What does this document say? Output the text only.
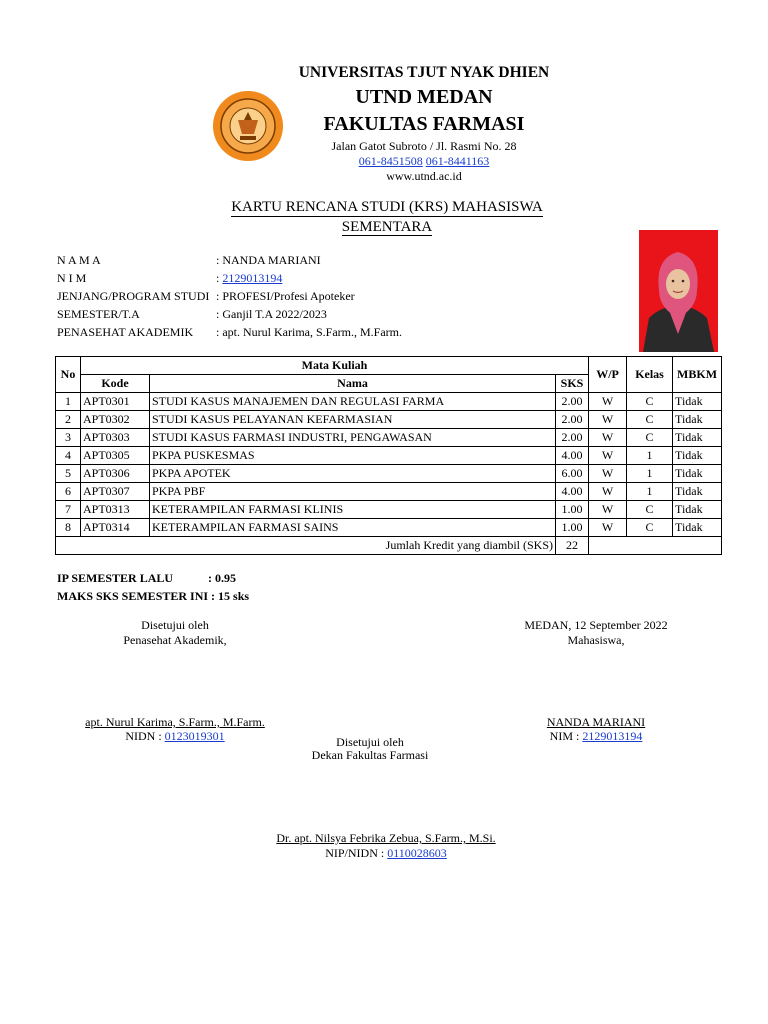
UNIVERSITAS TJUT NYAK DHIEN
UTND MEDAN
FAKULTAS FARMASI
Jalan Gatot Subroto / Jl. Rasmi No. 28
061-8451508 061-8441163
www.utnd.ac.id
KARTU RENCANA STUDI (KRS) MAHASISWA
SEMENTARA
N A M A	: NANDA MARIANI
N I M	: 2129013194
JENJANG/PROGRAM STUDI : PROFESI/Profesi Apoteker
SEMESTER/T.A	: Ganjil T.A 2022/2023
PENASEHAT AKADEMIK	: apt. Nurul Karima, S.Farm., M.Farm.
No	Mata Kuliah			W/P	Kelas	MBKM
	Kode	Nama	SKS			
1	APT0301	STUDI KASUS MANAJEMEN DAN REGULASI FARMA	2.00	W	C	Tidak
2	APT0302	STUDI KASUS PELAYANAN KEFARMASIAN	2.00	W	C	Tidak
3	APT0303	STUDI KASUS FARMASI INDUSTRI, PENGAWASAN	2.00	W	C	Tidak
4	APT0305	PKPA PUSKESMAS	4.00	W	1	Tidak
5	APT0306	PKPA APOTEK	6.00	W	1	Tidak
6	APT0307	PKPA PBF	4.00	W	1	Tidak
7	APT0313	KETERAMPILAN FARMASI KLINIS	1.00	W	C	Tidak
8	APT0314	KETERAMPILAN FARMASI SAINS	1.00	W	C	Tidak
Jumlah Kredit yang diambil (SKS)			22			
IP SEMESTER LALU	: 0.95
MAKS SKS SEMESTER INI : 15 sks
Disetujui oleh
Penasehat Akademik,
MEDAN, 12 September 2022
Mahasiswa,
apt. Nurul Karima, S.Farm., M.Farm.
NIDN : 0123019301
NANDA MARIANI
NIM : 2129013194
Disetujui oleh
Dekan Fakultas Farmasi
Dr. apt. Nilsya Febrika Zebua, S.Farm., M.Si.
NIP/NIDN : 0110028603
